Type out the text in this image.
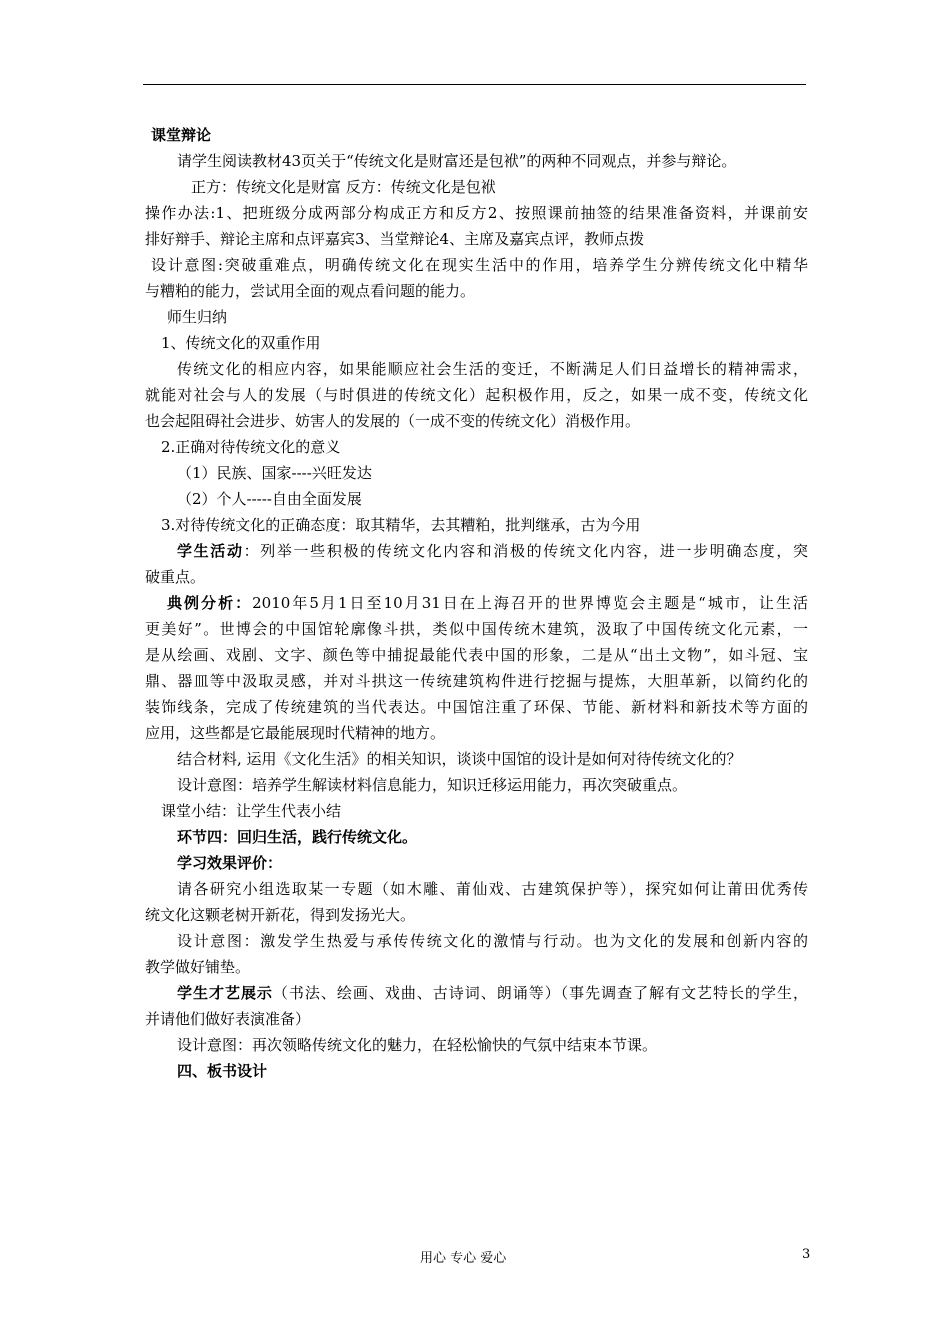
课堂辩论
请学生阅读教材43页关于“传统文化是财富还是包袱”的两种不同观点，并参与辩论。
正方：传统文化是财富 反方：传统文化是包袱
操作办法:1、把班级分成两部分构成正方和反方2、按照课前抽签的结果准备资料，并课前安
排好辩手、辩论主席和点评嘉宾3、当堂辩论4、主席及嘉宾点评，教师点拨
设计意图:突破重难点，明确传统文化在现实生活中的作用，培养学生分辨传统文化中精华
与糟粕的能力，尝试用全面的观点看问题的能力。
师生归纳
1、传统文化的双重作用
传统文化的相应内容，如果能顺应社会生活的变迁，不断满足人们日益增长的精神需求，
就能对社会与人的发展（与时俱进的传统文化）起积极作用，反之，如果一成不变，传统文化
也会起阻碍社会进步、妨害人的发展的（一成不变的传统文化）消极作用。
2.正确对待传统文化的意义
（1）民族、国家----兴旺发达
（2）个人-----自由全面发展
3.对待传统文化的正确态度：取其精华，去其糟粕，批判继承，古为今用
学生活动：列举一些积极的传统文化内容和消极的传统文化内容，进一步明确态度，突
破重点。
典例分析：2010年5月1日至10月31日在上海召开的世界博览会主题是“城市，让生活
更美好”。世博会的中国馆轮廓像斗拱，类似中国传统木建筑，汲取了中国传统文化元素，一
是从绘画、戏剧、文字、颜色等中捕捉最能代表中国的形象，二是从“出土文物”，如斗冠、宝
鼎、器皿等中汲取灵感，并对斗拱这一传统建筑构件进行挖掘与提炼，大胆革新，以简约化的
装饰线条，完成了传统建筑的当代表达。中国馆注重了环保、节能、新材料和新技术等方面的
应用，这些都是它最能展现时代精神的地方。
结合材料, 运用《文化生活》的相关知识，谈谈中国馆的设计是如何对待传统文化的？
设计意图：培养学生解读材料信息能力，知识迁移运用能力，再次突破重点。
课堂小结：让学生代表小结
环节四：回归生活，践行传统文化。
学习效果评价：
请各研究小组选取某一专题（如木雕、莆仙戏、古建筑保护等），探究如何让莆田优秀传
统文化这颗老树开新花，得到发扬光大。
设计意图：激发学生热爱与承传传统文化的激情与行动。也为文化的发展和创新内容的
教学做好铺垫。
学生才艺展示（书法、绘画、戏曲、古诗词、朗诵等）（事先调查了解有文艺特长的学生，
并请他们做好表演准备）
设计意图：再次领略传统文化的魅力，在轻松愉快的气氛中结束本节课。
四、板书设计
用心 专心 爱心	3
